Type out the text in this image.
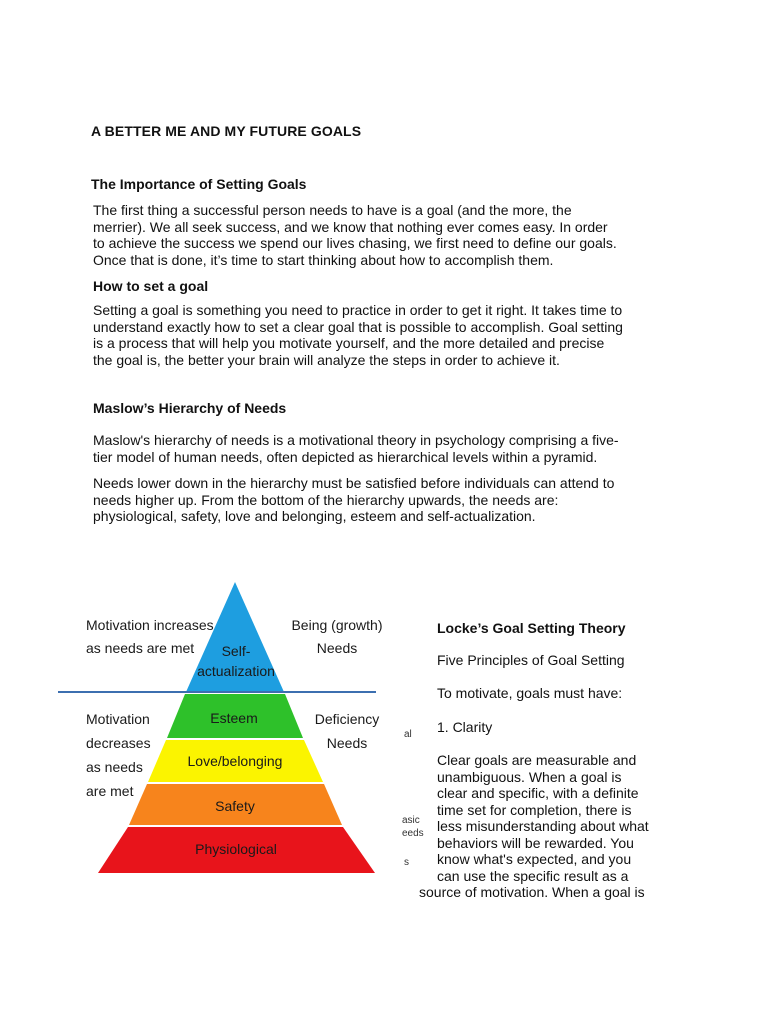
A BETTER ME AND MY FUTURE GOALS
The Importance of Setting Goals

The first thing a successful person needs to have is a goal (and the more, the

merrier). We all seek success, and we know that nothing ever comes easy. In order

to achieve the success we spend our lives chasing, we first need to define our goals.

Once that is done, it’s time to start thinking about how to accomplish them.

How to set a goal

Setting a goal is something you need to practice in order to get it right. It takes time to

understand exactly how to set a clear goal that is possible to accomplish. Goal setting

is a process that will help you motivate yourself, and the more detailed and precise

the goal is, the better your brain will analyze the steps in order to achieve it.

Maslow’s Hierarchy of Needs

Maslow's hierarchy of needs is a motivational theory in psychology comprising a five-

tier model of human needs, often depicted as hierarchical levels within a pyramid.

Needs lower down in the hierarchy must be satisfied before individuals can attend to

needs higher up. From the bottom of the hierarchy upwards, the needs are:

physiological, safety, love and belonging, esteem and self-actualization.

Self-
actualization
Esteem
Love/belonging
Safety
Physiological
Motivation increases
as needs are met
Motivation
decreases
as needs
are met
Being (growth)
Needs
Deficiency
Needs
al
asic
eeds
s
Locke’s Goal Setting Theory
Five Principles of Goal Setting
To motivate, goals must have:
1. Clarity
Clear goals are measurable and
unambiguous. When a goal is
clear and specific, with a definite
time set for completion, there is
less misunderstanding about what
behaviors will be rewarded. You
know what's expected, and you
can use the specific result as a
source of motivation. When a goal is
